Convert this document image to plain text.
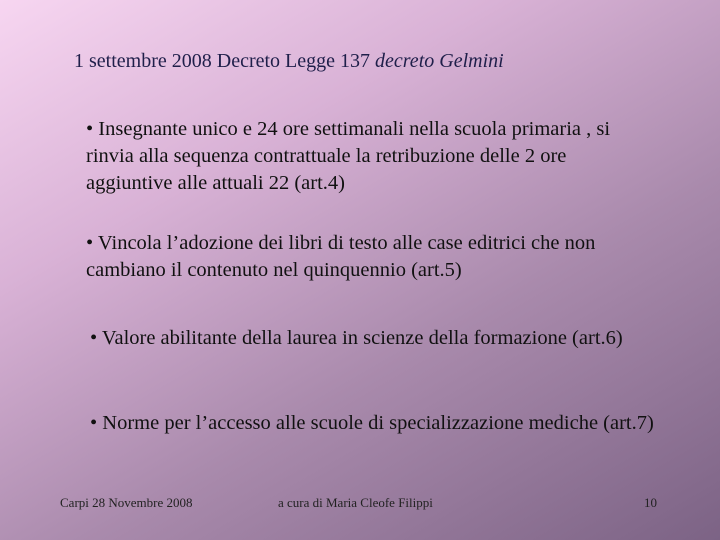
1 settembre 2008 Decreto Legge 137 decreto Gelmini
• Insegnante unico e 24 ore settimanali nella scuola primaria , si rinvia alla sequenza contrattuale la retribuzione delle 2 ore aggiuntive alle attuali 22 (art.4)
• Vincola l’adozione dei libri di testo alle case editrici che non cambiano il contenuto nel quinquennio (art.5)
• Valore abilitante della laurea in scienze della formazione (art.6)
• Norme per l’accesso alle scuole di specializzazione mediche (art.7)
Carpi 28 Novembre 2008	a cura di Maria Cleofe Filippi	10
